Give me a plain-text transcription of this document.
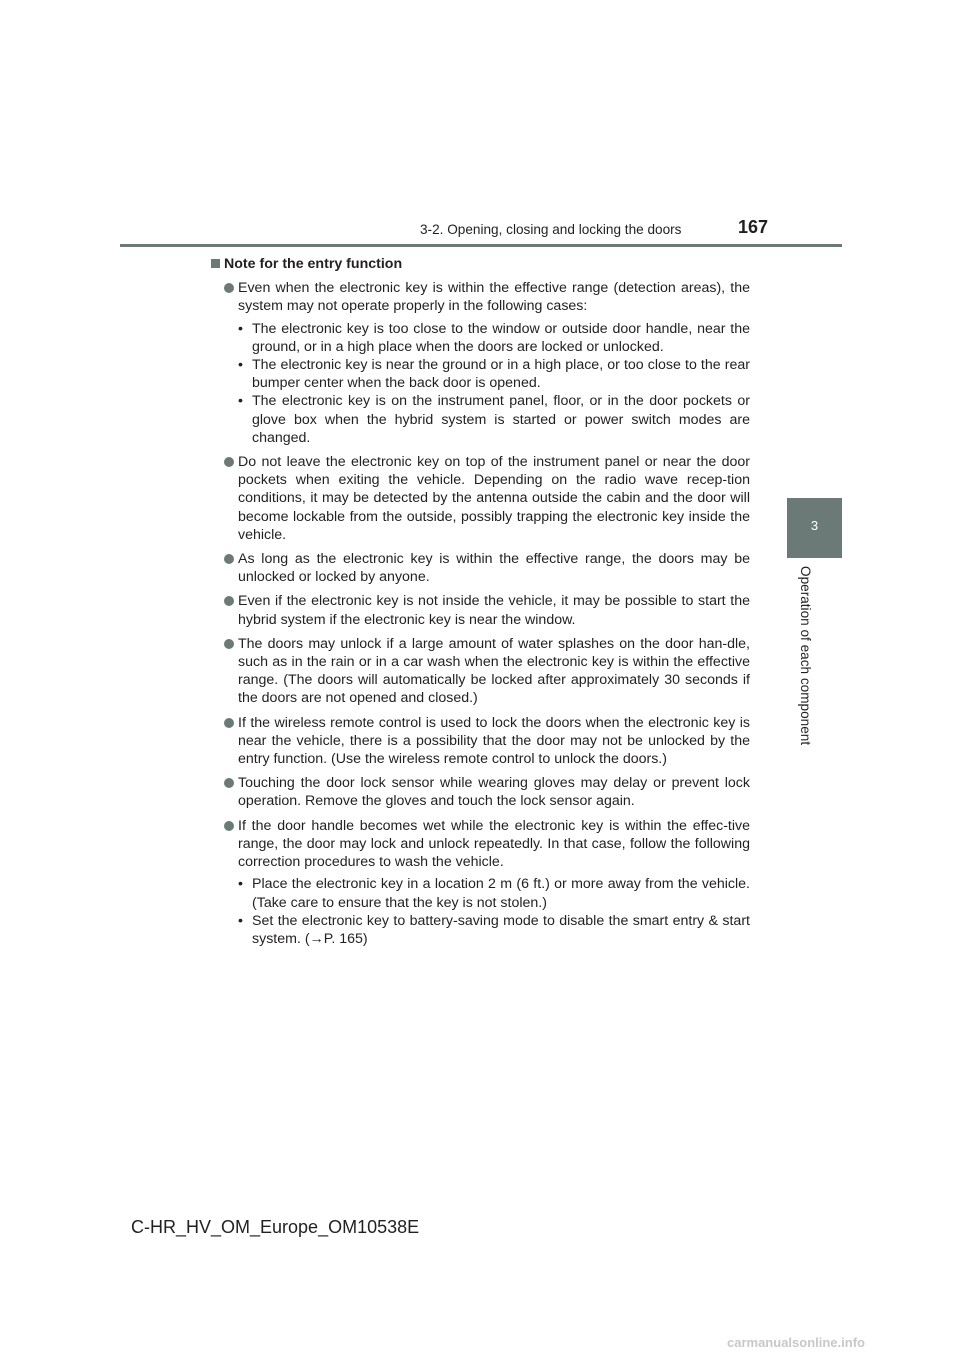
3-2. Opening, closing and locking the doors	167
3
Operation of each component
Note for the entry function
Even when the electronic key is within the effective range (detection areas), the system may not operate properly in the following cases:
• The electronic key is too close to the window or outside door handle, near the ground, or in a high place when the doors are locked or unlocked.
• The electronic key is near the ground or in a high place, or too close to the rear bumper center when the back door is opened.
• The electronic key is on the instrument panel, floor, or in the door pockets or glove box when the hybrid system is started or power switch modes are changed.
Do not leave the electronic key on top of the instrument panel or near the door pockets when exiting the vehicle. Depending on the radio wave recep-tion conditions, it may be detected by the antenna outside the cabin and the door will become lockable from the outside, possibly trapping the electronic key inside the vehicle.
As long as the electronic key is within the effective range, the doors may be unlocked or locked by anyone.
Even if the electronic key is not inside the vehicle, it may be possible to start the hybrid system if the electronic key is near the window.
The doors may unlock if a large amount of water splashes on the door han-dle, such as in the rain or in a car wash when the electronic key is within the effective range. (The doors will automatically be locked after approximately 30 seconds if the doors are not opened and closed.)
If the wireless remote control is used to lock the doors when the electronic key is near the vehicle, there is a possibility that the door may not be unlocked by the entry function. (Use the wireless remote control to unlock the doors.)
Touching the door lock sensor while wearing gloves may delay or prevent lock operation. Remove the gloves and touch the lock sensor again.
If the door handle becomes wet while the electronic key is within the effec-tive range, the door may lock and unlock repeatedly. In that case, follow the following correction procedures to wash the vehicle.
• Place the electronic key in a location 2 m (6 ft.) or more away from the vehicle. (Take care to ensure that the key is not stolen.)
• Set the electronic key to battery-saving mode to disable the smart entry & start system. (→P. 165)
C-HR_HV_OM_Europe_OM10538E
carmanualsonline.info
